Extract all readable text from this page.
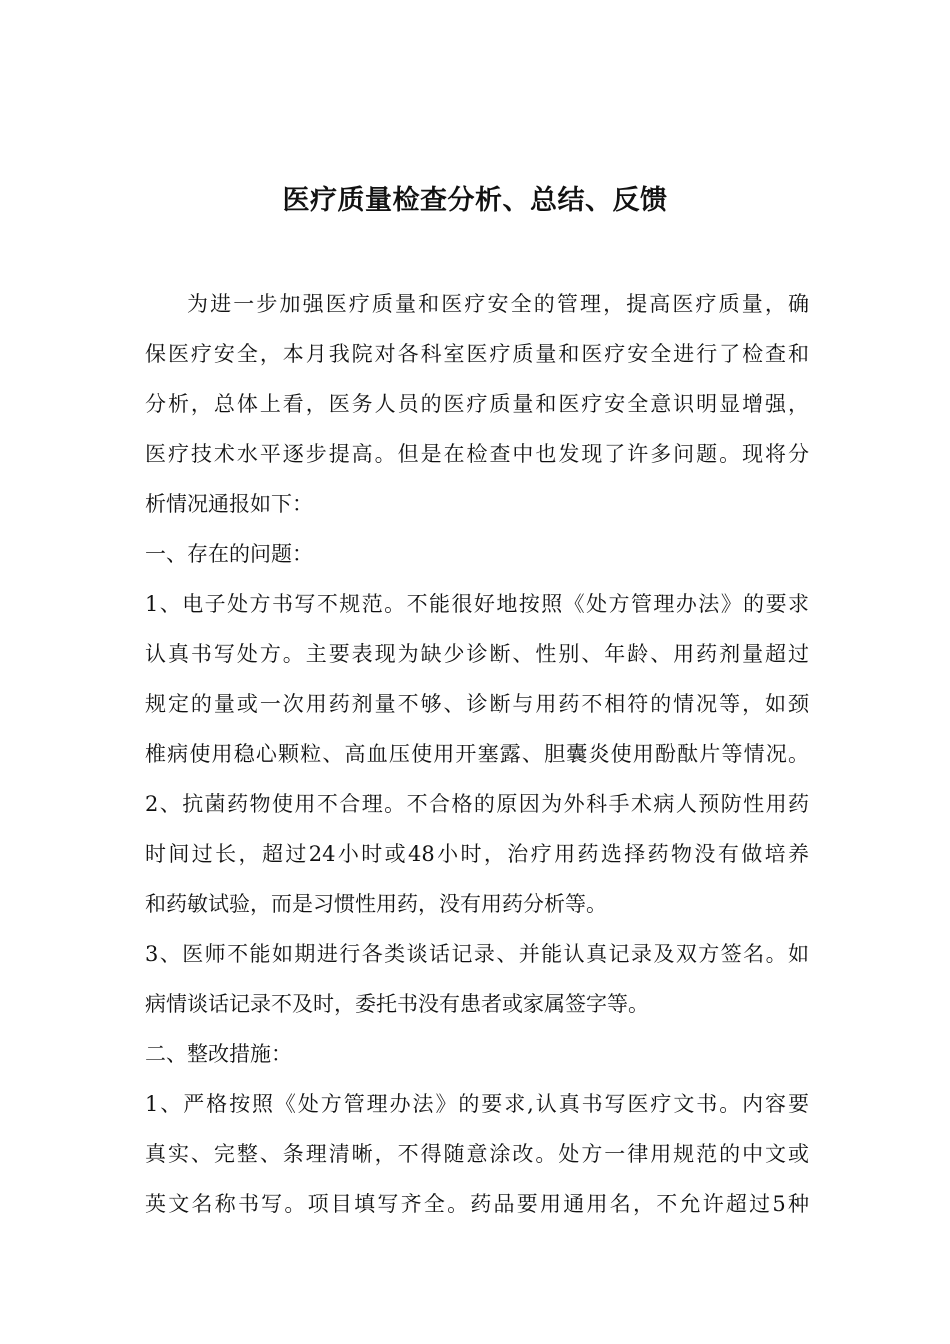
医疗质量检查分析、总结、反馈
为进一步加强医疗质量和医疗安全的管理，提高医疗质量，确
保医疗安全，本月我院对各科室医疗质量和医疗安全进行了检查和
分析，总体上看，医务人员的医疗质量和医疗安全意识明显增强，
医疗技术水平逐步提高。但是在检查中也发现了许多问题。现将分
析情况通报如下：
一、存在的问题：
1、电子处方书写不规范。不能很好地按照《处方管理办法》的要求
认真书写处方。主要表现为缺少诊断、性别、年龄、用药剂量超过
规定的量或一次用药剂量不够、诊断与用药不相符的情况等，如颈
椎病使用稳心颗粒、高血压使用开塞露、胆囊炎使用酚酞片等情况。
2、抗菌药物使用不合理。不合格的原因为外科手术病人预防性用药
时间过长，超过24小时或48小时，治疗用药选择药物没有做培养
和药敏试验，而是习惯性用药，没有用药分析等。
3、医师不能如期进行各类谈话记录、并能认真记录及双方签名。如
病情谈话记录不及时，委托书没有患者或家属签字等。
二、整改措施：
1、严格按照《处方管理办法》的要求,认真书写医疗文书。内容要
真实、完整、条理清晰，不得随意涂改。处方一律用规范的中文或
英文名称书写。项目填写齐全。药品要用通用名，不允许超过5种
